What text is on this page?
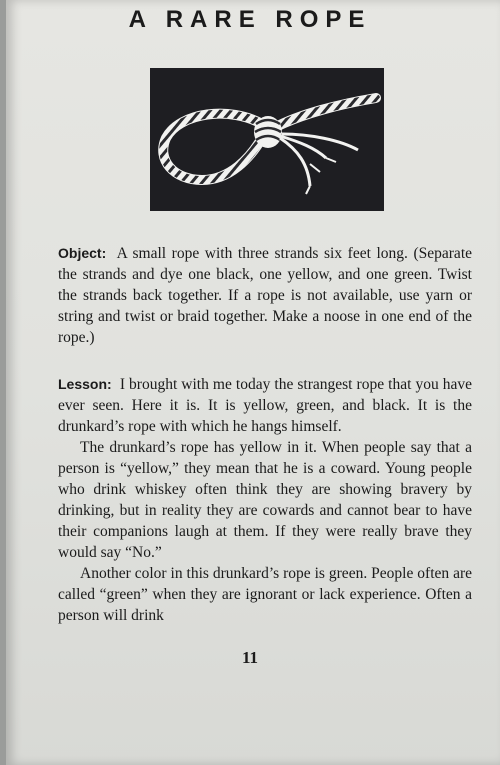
A RARE ROPE

Object: A small rope with three strands six feet long. (Separate the strands and dye one black, one yellow, and one green. Twist the strands back together. If a rope is not available, use yarn or string and twist or braid together. Make a noose in one end of the rope.)

Lesson: I brought with me today the strangest rope that you have ever seen. Here it is. It is yellow, green, and black. It is the drunkard’s rope with which he hangs himself.

The drunkard’s rope has yellow in it. When people say that a person is “yellow,” they mean that he is a coward. Young people who drink whiskey often think they are showing bravery by drinking, but in reality they are cowards and cannot bear to have their companions laugh at them. If they were really brave they would say “No.”

Another color in this drunkard’s rope is green. People often are called “green” when they are ignorant or lack experience. Often a person will drink

11
